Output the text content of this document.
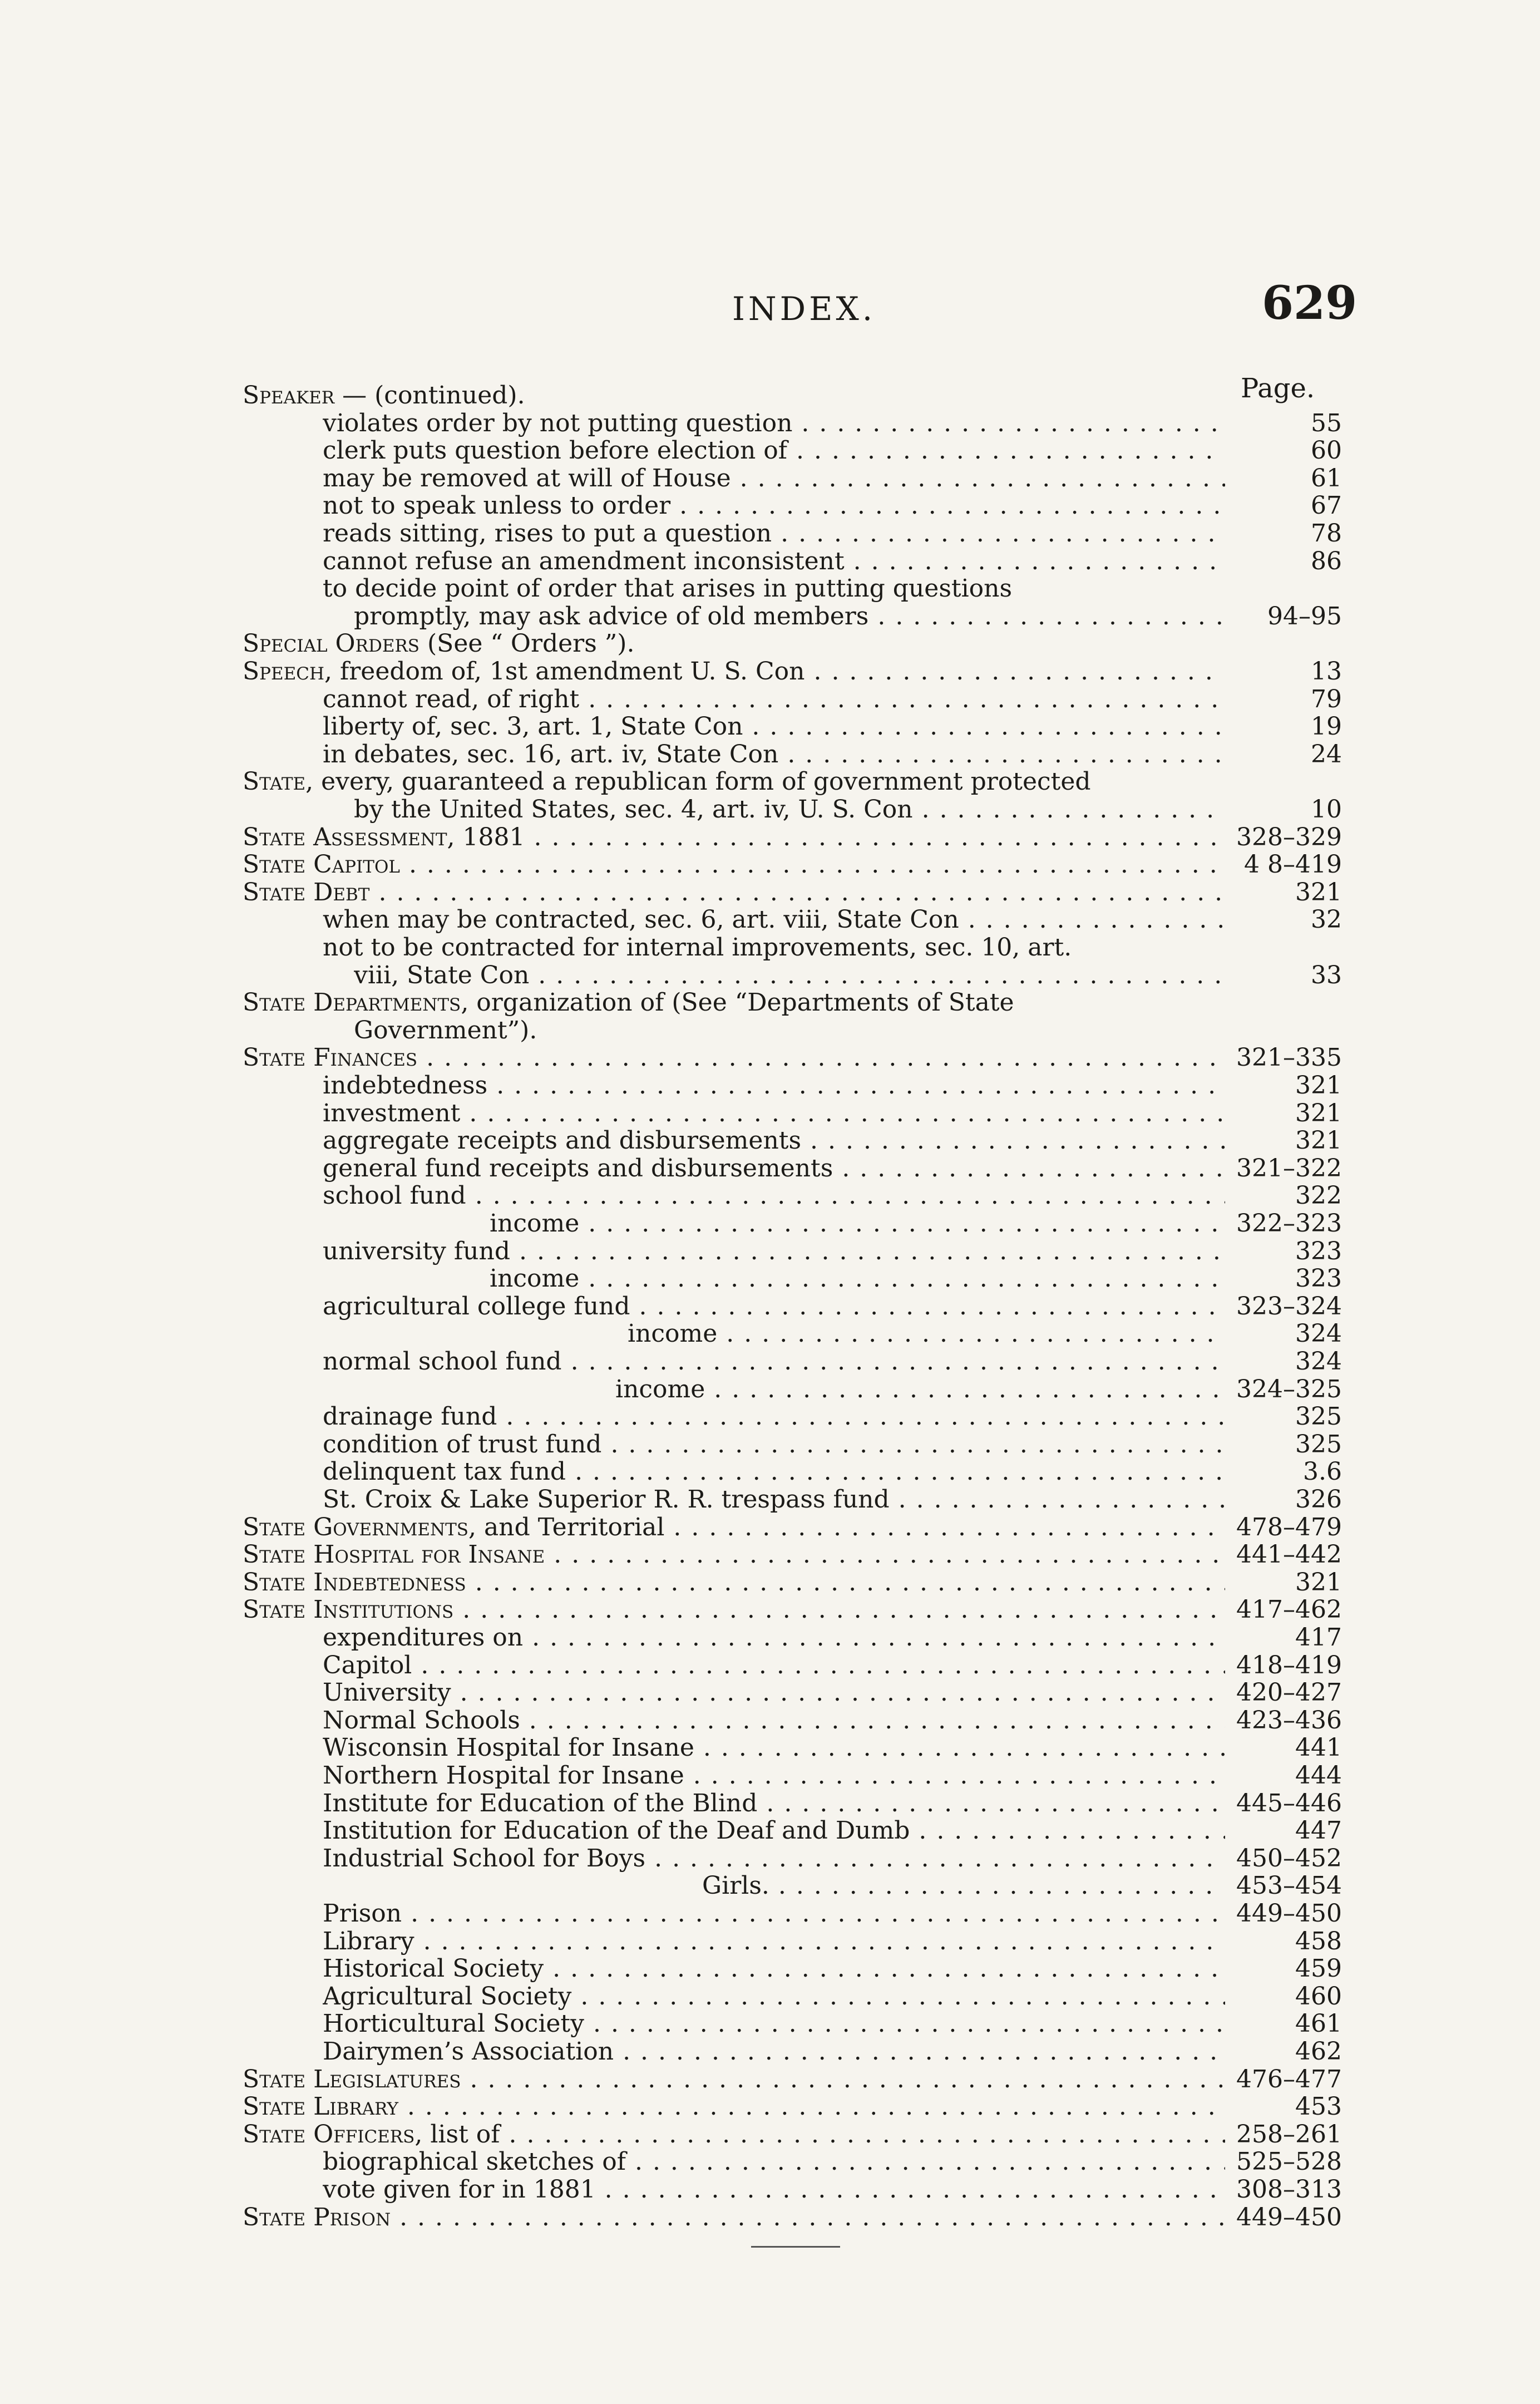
INDEX.	629
Page.
Speaker — (continued).
violates order by not putting question . . .	55
clerk puts question before election of . . .	60
may be removed at will of House . . .	61
not to speak unless to order . . .	67
reads sitting, rises to put a question . . .	78
cannot refuse an amendment inconsistent . . .	86
to decide point of order that arises in putting questions
promptly, may ask advice of old members . . .	94–95
Special Orders (See “ Orders ”).
Speech, freedom of, 1st amendment U. S. Con . . .	13
cannot read, of right . . .	79
liberty of, sec. 3, art. 1, State Con . . .	19
in debates, sec. 16, art. iv, State Con . . .	24
State, every, guaranteed a republican form of government protected
by the United States, sec. 4, art. iv, U. S. Con . . .	10
State Assessment, 1881 . . .	328–329
State Capitol . . .	4 8–419
State Debt . . .	321
when may be contracted, sec. 6, art. viii, State Con . . .	32
not to be contracted for internal improvements, sec. 10, art.
viii, State Con . . .	33
State Departments, organization of (See “Departments of State
Government”).
State Finances . . .	321–335
indebtedness . . .	321
investment . . .	321
aggregate receipts and disbursements . . .	321
general fund receipts and disbursements . . .	321–322
school fund . . .	322
income . . .	322–323
university fund . . .	323
income . . .	323
agricultural college fund . . .	323–324
income . . .	324
normal school fund . . .	324
income . . .	324–325
drainage fund . . .	325
condition of trust fund . . .	325
delinquent tax fund . . .	3.6
St. Croix & Lake Superior R. R. trespass fund . . .	326
State Governments, and Territorial . . .	478–479
State Hospital for Insane . . .	441–442
State Indebtedness . . .	321
State Institutions . . .	417–462
expenditures on . . .	417
Capitol . . .	418–419
University . . .	420–427
Normal Schools . . .	423–436
Wisconsin Hospital for Insane . . .	441
Northern Hospital for Insane . . .	444
Institute for Education of the Blind . . .	445–446
Institution for Education of the Deaf and Dumb . . .	447
Industrial School for Boys . . .	450–452
Girls. . . .	453–454
Prison . . .	449–450
Library . . .	458
Historical Society . . .	459
Agricultural Society . . .	460
Horticultural Society . . .	461
Dairymen’s Association . . .	462
State Legislatures . . .	476–477
State Library . . .	453
State Officers, list of . . .	258–261
biographical sketches of . . .	525–528
vote given for in 1881 . . .	308–313
State Prison . . .	449–450
